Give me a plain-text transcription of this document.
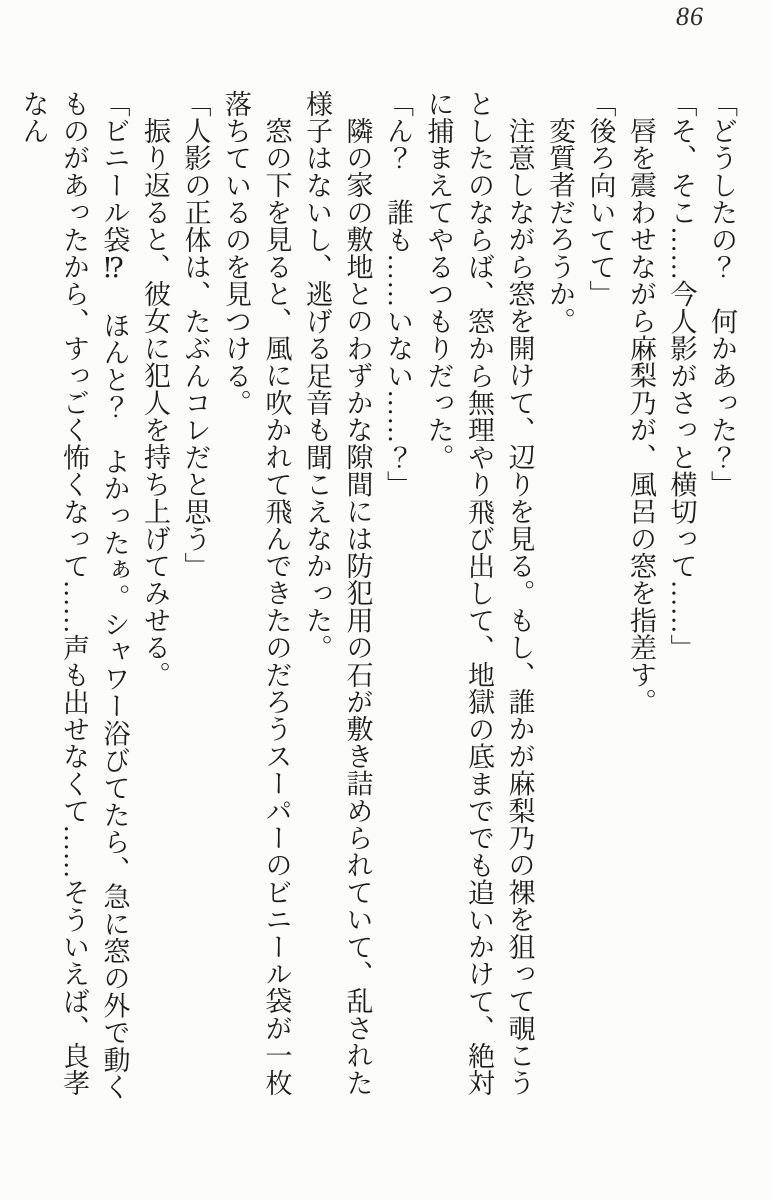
86

「どうしたの？　何かあった？」

「そ、そこ……今人影がさっと横切って……」

唇を震わせながら麻梨乃が、風呂の窓を指差す。

「後ろ向いてて」

変質者だろうか。

注意しながら窓を開けて、辺りを見る。もし、誰かが麻梨乃の裸を狙って覗こうとしたのならば、窓から無理やり飛び出して、地獄の底まででも追いかけて、絶対に捕まえてやるつもりだった。

「ん？　誰も……いない……？」

隣の家の敷地とのわずかな隙間には防犯用の石が敷き詰められていて、乱された様子はないし、逃げる足音も聞こえなかった。

窓の下を見ると、風に吹かれて飛んできたのだろうスーパーのビニール袋が一枚落ちているのを見つける。

「人影の正体は、たぶんコレだと思う」

振り返ると、彼女に犯人を持ち上げてみせる。

「ビニール袋⁉　ほんと？　よかったぁ。シャワー浴びてたら、急に窓の外で動くものがあったから、すっごく怖くなって……声も出せなくて……そういえば、良孝なん
